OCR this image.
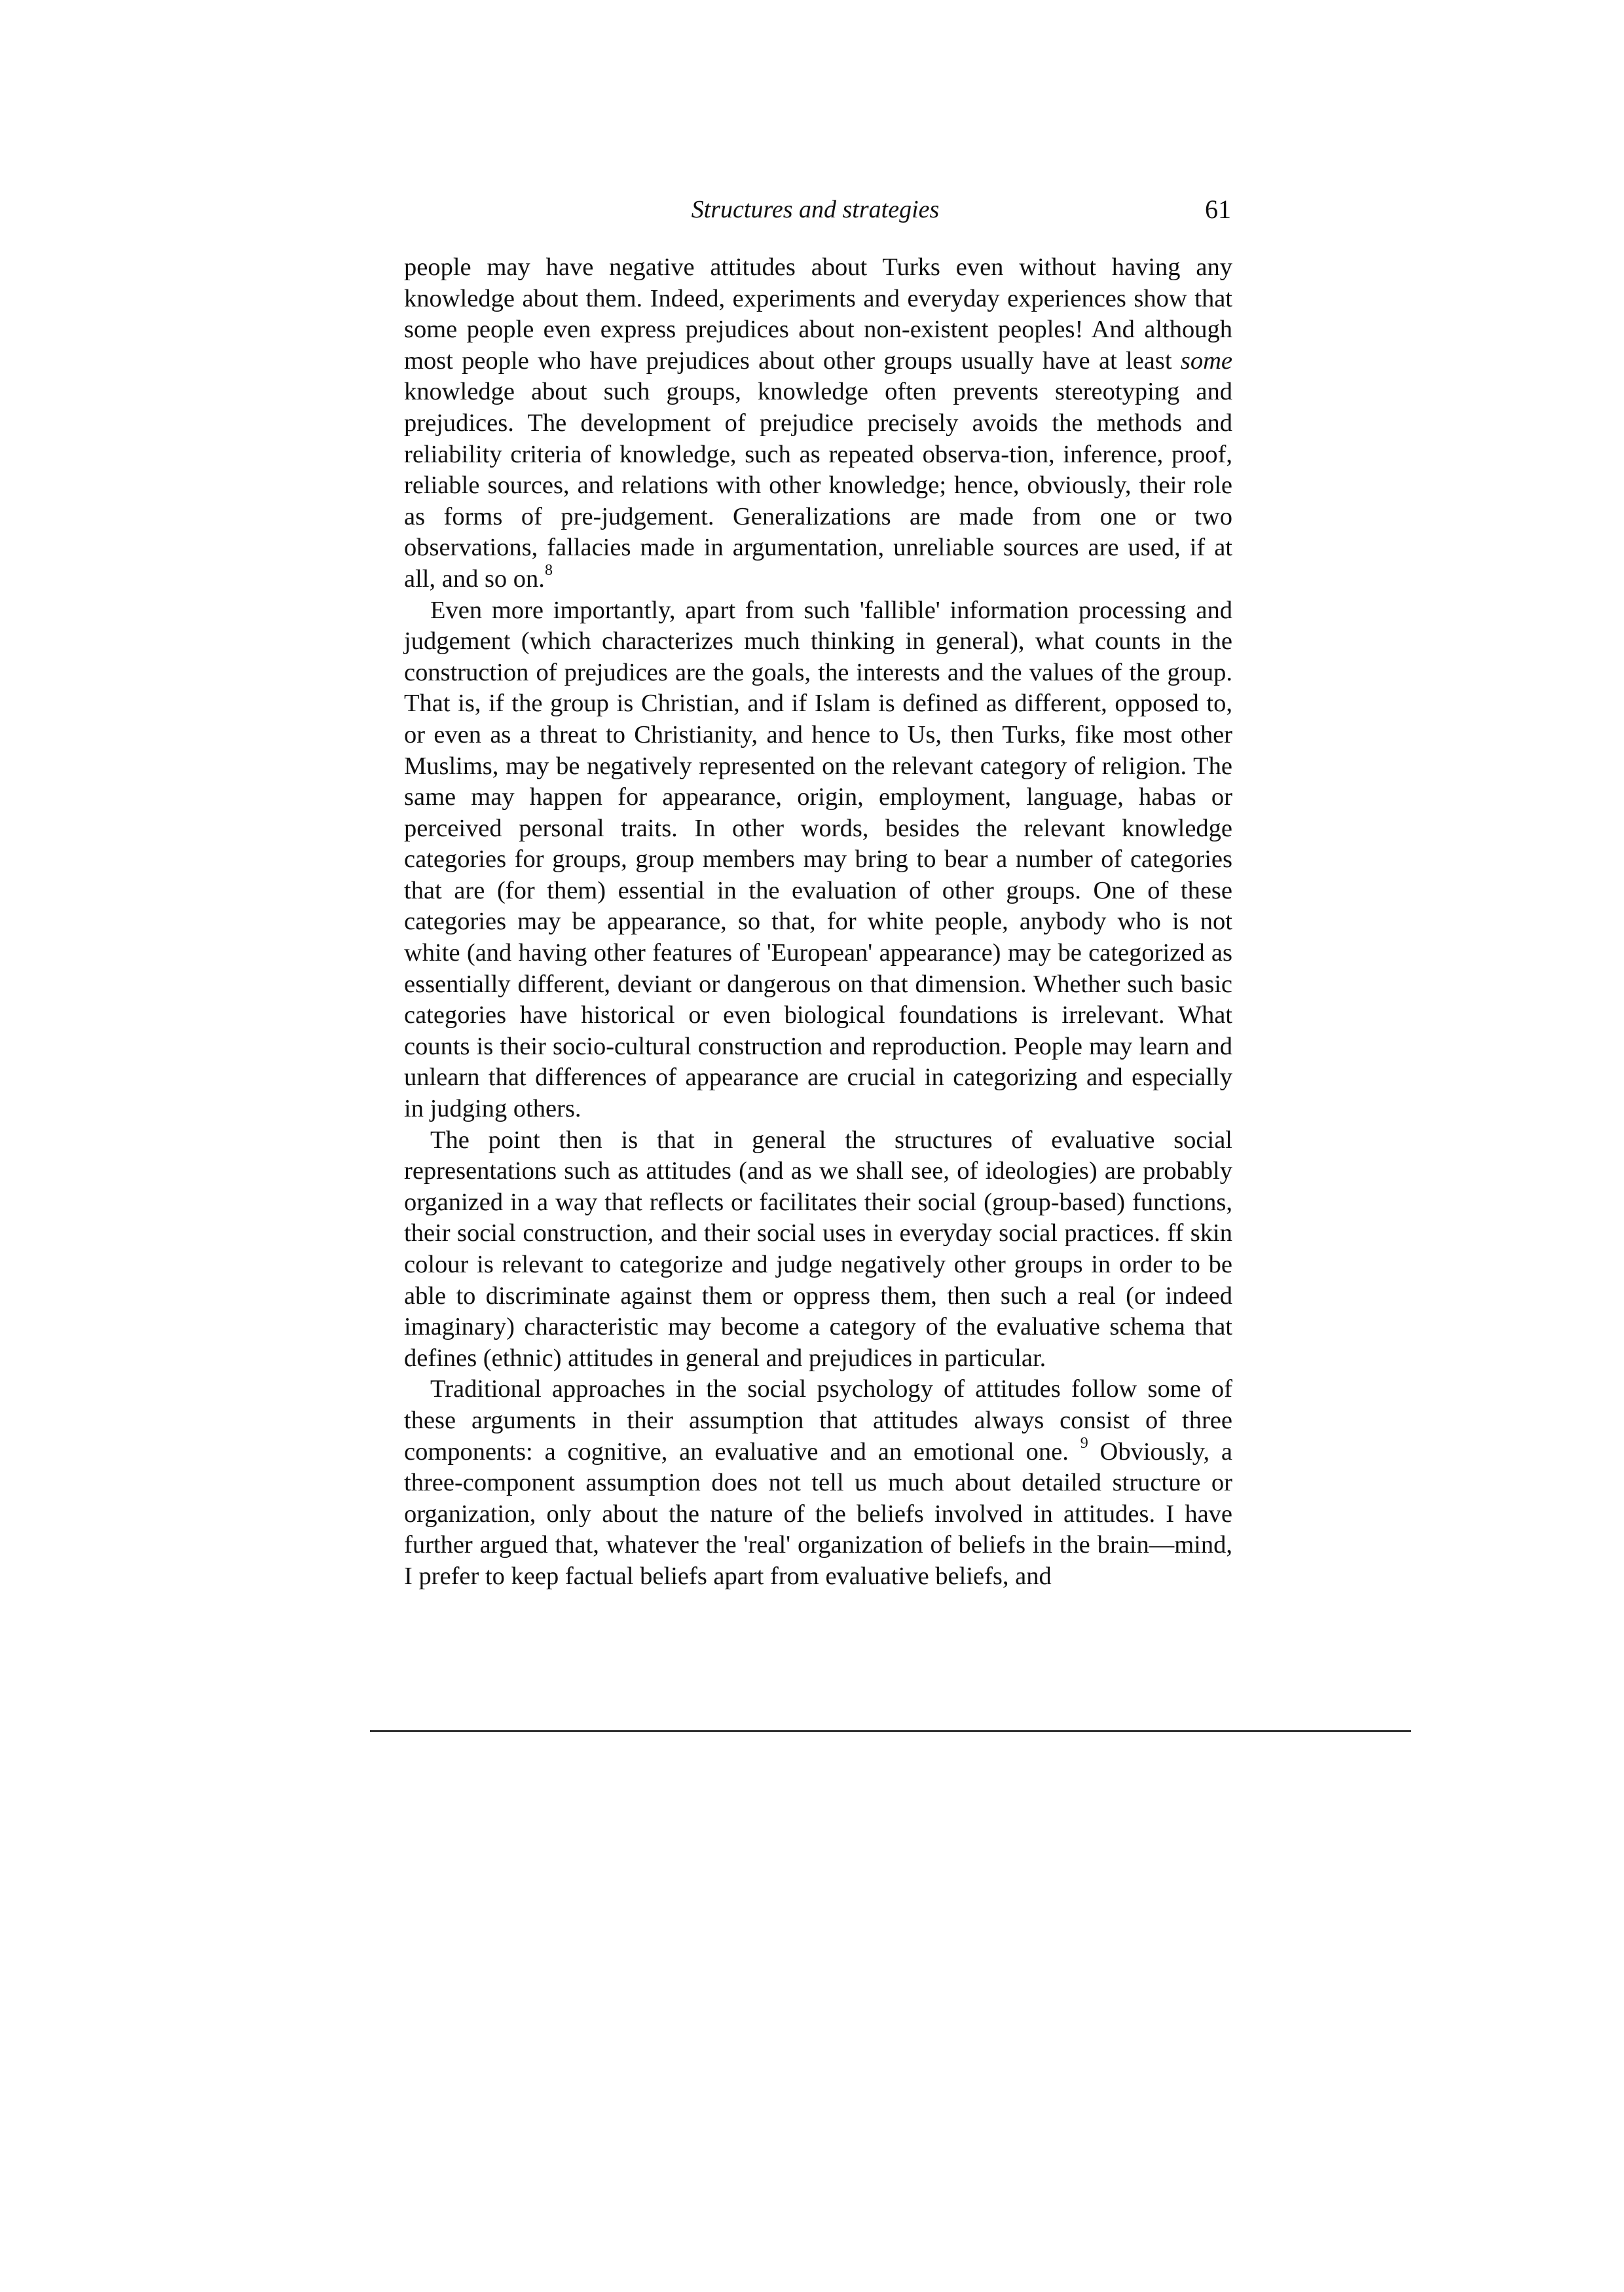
Structures and strategies	61

people may have negative attitudes about Turks even without having any knowledge about them. Indeed, experiments and everyday experiences show that some people even express prejudices about non-existent peoples! And although most people who have prejudices about other groups usually have at least some knowledge about such groups, knowledge often prevents stereotyping and prejudices. The development of prejudice precisely avoids the methods and reliability criteria of knowledge, such as repeated observa-tion, inference, proof, reliable sources, and relations with other knowledge; hence, obviously, their role as forms of pre-judgement. Generalizations are made from one or two observations, fallacies made in argumentation, unreliable sources are used, if at all, and so on.$^8$

Even more importantly, apart from such 'fallible' information processing and judgement (which characterizes much thinking in general), what counts in the construction of prejudices are the goals, the interests and the values of the group. That is, if the group is Christian, and if Islam is defined as different, opposed to, or even as a threat to Christianity, and hence to Us, then Turks, fike most other Muslims, may be negatively represented on the relevant category of religion. The same may happen for appearance, origin, employment, language, habas or perceived personal traits. In other words, besides the relevant knowledge categories for groups, group members may bring to bear a number of categories that are (for them) essential in the evaluation of other groups. One of these categories may be appearance, so that, for white people, anybody who is not white (and having other features of 'European' appearance) may be categorized as essentially different, deviant or dangerous on that dimension. Whether such basic categories have historical or even biological foundations is irrelevant. What counts is their socio-cultural construction and reproduction. People may learn and unlearn that differences of appearance are crucial in categorizing and especially in judging others.

The point then is that in general the structures of evaluative social representations such as attitudes (and as we shall see, of ideologies) are probably organized in a way that reflects or facilitates their social (group-based) functions, their social construction, and their social uses in everyday social practices. ff skin colour is relevant to categorize and judge negatively other groups in order to be able to discriminate against them or oppress them, then such a real (or indeed imaginary) characteristic may become a category of the evaluative schema that defines (ethnic) attitudes in general and prejudices in particular.

Traditional approaches in the social psychology of attitudes follow some of these arguments in their assumption that attitudes always consist of three components: a cognitive, an evaluative and an emotional one. $^9$ Obviously, a three-component assumption does not tell us much about detailed structure or organization, only about the nature of the beliefs involved in attitudes. I have further argued that, whatever the 'real' organization of beliefs in the brain—mind, I prefer to keep factual beliefs apart from evaluative beliefs, and
